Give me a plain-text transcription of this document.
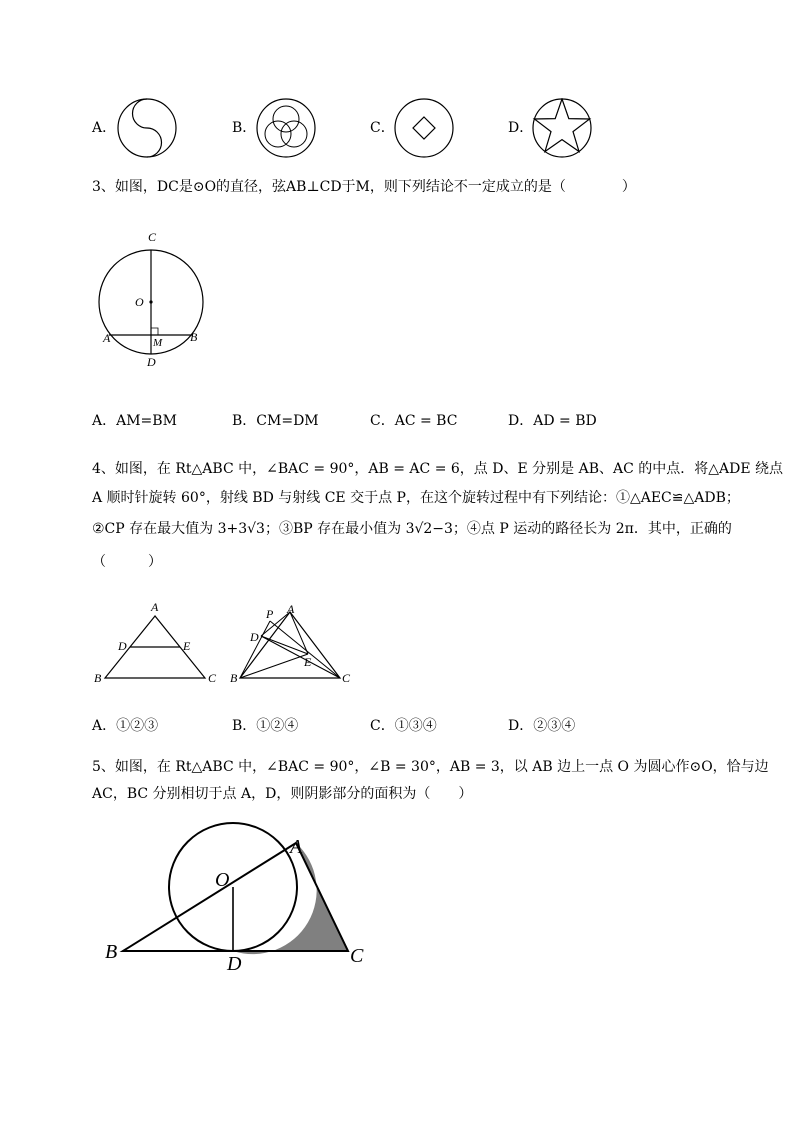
A．	B．	C．	D．
3、如图，DC是⊙O的直径，弦AB⊥CD于M，则下列结论不一定成立的是（　　　　）
C
O
A	B
M
D
A．AM=BM	B．CM=DM	C．AC = BC	D．AD = BD
4、如图，在 Rt△ABC 中，∠BAC = 90°，AB = AC = 6，点 D、E 分别是 AB、AC 的中点．将△ADE 绕点
A 顺时针旋转 60°，射线 BD 与射线 CE 交于点 P，在这个旋转过程中有下列结论：①△AEC≌△ADB；
②CP 存在最大值为 3+3√3；③BP 存在最小值为 3√2−3；④点 P 运动的路径长为 2π．其中，正确的
（　　　）
A
D	E
B	C
P A
D
E
B	C
A．①②③	B．①②④	C．①③④	D．②③④
5、如图，在 Rt△ABC 中，∠BAC = 90°，∠B = 30°，AB = 3，以 AB 边上一点 O 为圆心作⊙O，恰与边
AC，BC 分别相切于点 A，D，则阴影部分的面积为（　　）
A
O
B
D	C
